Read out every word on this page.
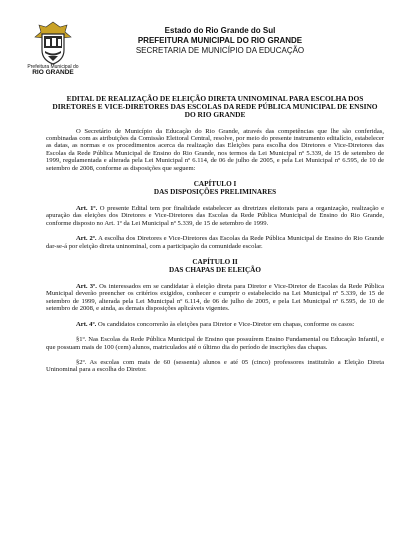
Prefeitura Municipal do
RIO GRANDE
Estado do Rio Grande do Sul
PREFEITURA MUNICIPAL DO RIO GRANDE
SECRETARIA DE MUNICÍPIO DA EDUCAÇÃO
EDITAL DE REALIZAÇÃO DE ELEIÇÃO DIRETA UNINOMINAL PARA ESCOLHA DOS DIRETORES E VICE-DIRETORES DAS ESCOLAS DA REDE PÚBLICA MUNICIPAL DE ENSINO DO RIO GRANDE

O Secretário de Município da Educação do Rio Grande, através das competências que lhe são conferidas, combinadas com as atribuições da Comissão Eleitoral Central, resolve, por meio do presente instrumento editalício, estabelecer as datas, as normas e os procedimentos acerca da realização das Eleições para escolha dos Diretores e Vice-Diretores das Escolas da Rede Pública Municipal de Ensino do Rio Grande, nos termos da Lei Municipal nº 5.339, de 15 de setembro de 1999, regulamentada e alterada pela Lei Municipal nº 6.114, de 06 de julho de 2005, e pela Lei Municipal nº 6.595, de 10 de setembro de 2008, conforme as disposições que seguem:

CAPÍTULO I
DAS DISPOSIÇÕES PRELIMINARES

Art. 1º. O presente Edital tem por finalidade estabelecer as diretrizes eleitorais para a organização, realização e apuração das eleições dos Diretores e Vice-Diretores das Escolas da Rede Pública Municipal de Ensino do Rio Grande, conforme disposto no Art. 1º da Lei Municipal nº 5.339, de 15 de setembro de 1999.

Art. 2º. A escolha dos Diretores e Vice-Diretores das Escolas da Rede Pública Municipal de Ensino do Rio Grande dar-se-á por eleição direta uninominal, com a participação da comunidade escolar.

CAPÍTULO II
DAS CHAPAS DE ELEIÇÃO

Art. 3º. Os interessados em se candidatar à eleição direta para Diretor e Vice-Diretor de Escolas da Rede Pública Municipal deverão preencher os critérios exigidos, conhecer e cumprir o estabelecido na Lei Municipal nº 5.339, de 15 de setembro de 1999, alterada pela Lei Municipal nº 6.114, de 06 de julho de 2005, e pela Lei Municipal nº 6.595, de 10 de setembro de 2008, e ainda, as demais disposições aplicáveis vigentes.

Art. 4º. Os candidatos concorrerão às eleições para Diretor e Vice-Diretor em chapas, conforme os casos:

§1º. Nas Escolas da Rede Pública Municipal de Ensino que possuírem Ensino Fundamental ou Educação Infantil, e que possuam mais de 100 (cem) alunos, matriculados até o último dia do período de inscrições das chapas.

§2º. As escolas com mais de 60 (sessenta) alunos e até 05 (cinco) professores instituirão a Eleição Direta Uninominal para a escolha do Diretor.
